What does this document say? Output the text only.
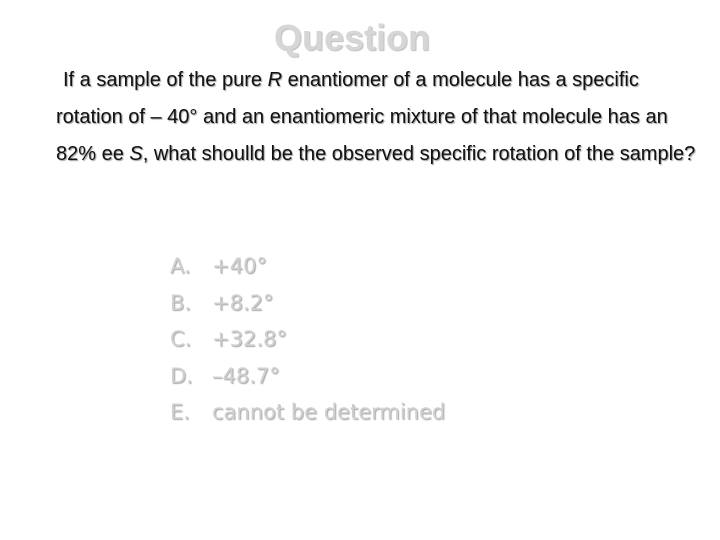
Question
If a sample of the pure R enantiomer of a molecule has a specific rotation of – 40° and an enantiomeric mixture of that molecule has an 82% ee S, what shoulld be the observed specific rotation of the sample?
A.	+40°
B. +8.2°
C. +32.8°
D. –48.7°
E.	cannot be determined
